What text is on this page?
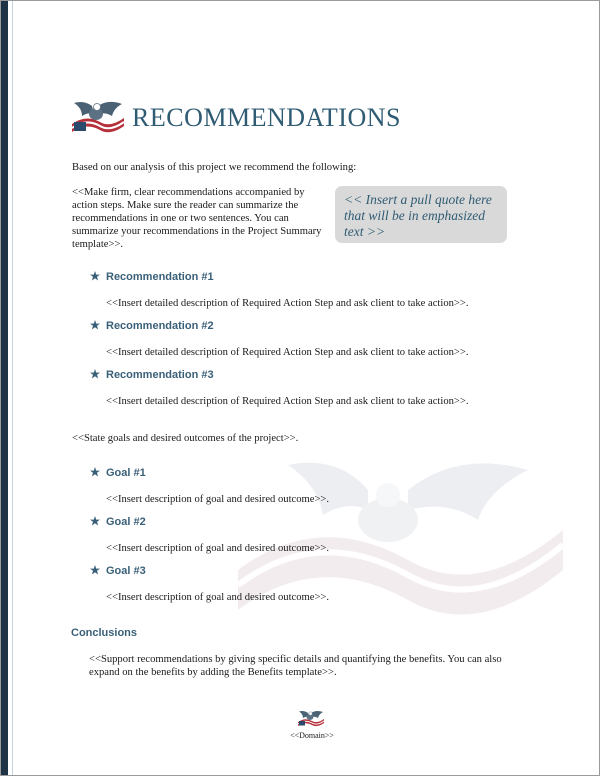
RECOMMENDATIONS
Based on our analysis of this project we recommend the following:
<<Make firm, clear recommendations accompanied by action steps. Make sure the reader can summarize the recommendations in one or two sentences. You can summarize your recommendations in the Project Summary template>>.
<< Insert a pull quote here that will be in emphasized text >>
Recommendation #1
<<Insert detailed description of Required Action Step and ask client to take action>>.
Recommendation #2
<<Insert detailed description of Required Action Step and ask client to take action>>.
Recommendation #3
<<Insert detailed description of Required Action Step and ask client to take action>>.
<<State goals and desired outcomes of the project>>.
Goal #1
<<Insert description of goal and desired outcome>>.
Goal #2
<<Insert description of goal and desired outcome>>.
Goal #3
<<Insert description of goal and desired outcome>>.
Conclusions
<<Support recommendations by giving specific details and quantifying the benefits. You can also expand on the benefits by adding the Benefits template>>.
<<Domain>>
